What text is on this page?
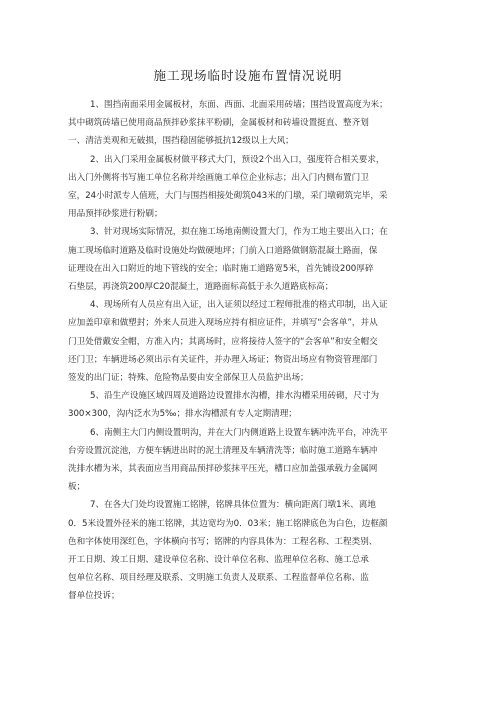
施工现场临时设施布置情况说明
1、围挡南面采用金属板材，东面、西面、北面采用砖墙；围挡设置高度为米；
其中砌筑砖墙已使用商品预拌砂浆抹平粉刷，金属板材和砖墙设置挺直、整齐划
一、清洁美观和无破损，围挡稳固能够抵抗12级以上大风；
2、出入门采用金属板材做平移式大门，预设2个出入口，强度符合相关要求，
出入门外侧将书写施工单位名称并绘画施工单位企业标志；出入门内侧布置门卫
室，24小时派专人值班，大门与围挡相接处砌筑043米的门墩，采门墩砌筑完毕，采
用品预拌砂浆进行粉刷；
3、针对现场实际情况，拟在施工场地南侧设置大门，作为工地主要出入口；在
施工现场临时道路及临时设施处均做硬地坪；门前入口道路做钢筋混凝土路面，保
证理设在出入口附近的地下管线的安全；临时施工道路宽5米，首先铺设200厚碎
石垫层，再浇筑200厚C20混凝土，道路面标高低于永久道路底标高；
4、现场所有人员应有出入证，出入证须以经过工程师批准的格式印制，出入证
应加盖印章和做塑封；外来人员进入现场应持有相应证件，并填写“会客单”，并从
门卫处借戴安全帽，方准入内；其离场时，应将接待人签字的“会客单”和安全帽交
还门卫；车辆进场必须出示有关证件，并办理入场证；物资出场应有物资管理部门
签发的出门证；特殊、危险物品要由安全部保卫人员监护出场；
5、沿生产设施区域四周及道路边设置排水沟槽，排水沟槽采用砖砌，尺寸为
300×300，沟内泛水为5‰；排水沟槽派有专人定期清理；
6、南侧主大门内侧设置明沟，并在大门内侧道路上设置车辆冲洗平台，冲洗平
台旁设置沉淀池，方便车辆进出时的泥土清理及车辆清洗等；临时施工道路车辆冲
洗排水槽为米，其表面应当用商品预拌砂浆抹平压光，槽口应加盖强承载力金属网
板；
7、在各大门处均设置施工铭牌，铭牌具体位置为：横向距离门墩1米、离地
0．5米设置外径米的施工铭牌，其边宽均为0．03米；施工铭牌底色为白色，边框颜
色和字体使用深红色，字体横向书写；铭牌的内容具体为：工程名称、工程类别、
开工日期、竣工日期、建设单位名称、设计单位名称、监理单位名称、施工总承
包单位名称、项目经理及联系、文明施工负责人及联系、工程监督单位名称、监
督单位投诉；
